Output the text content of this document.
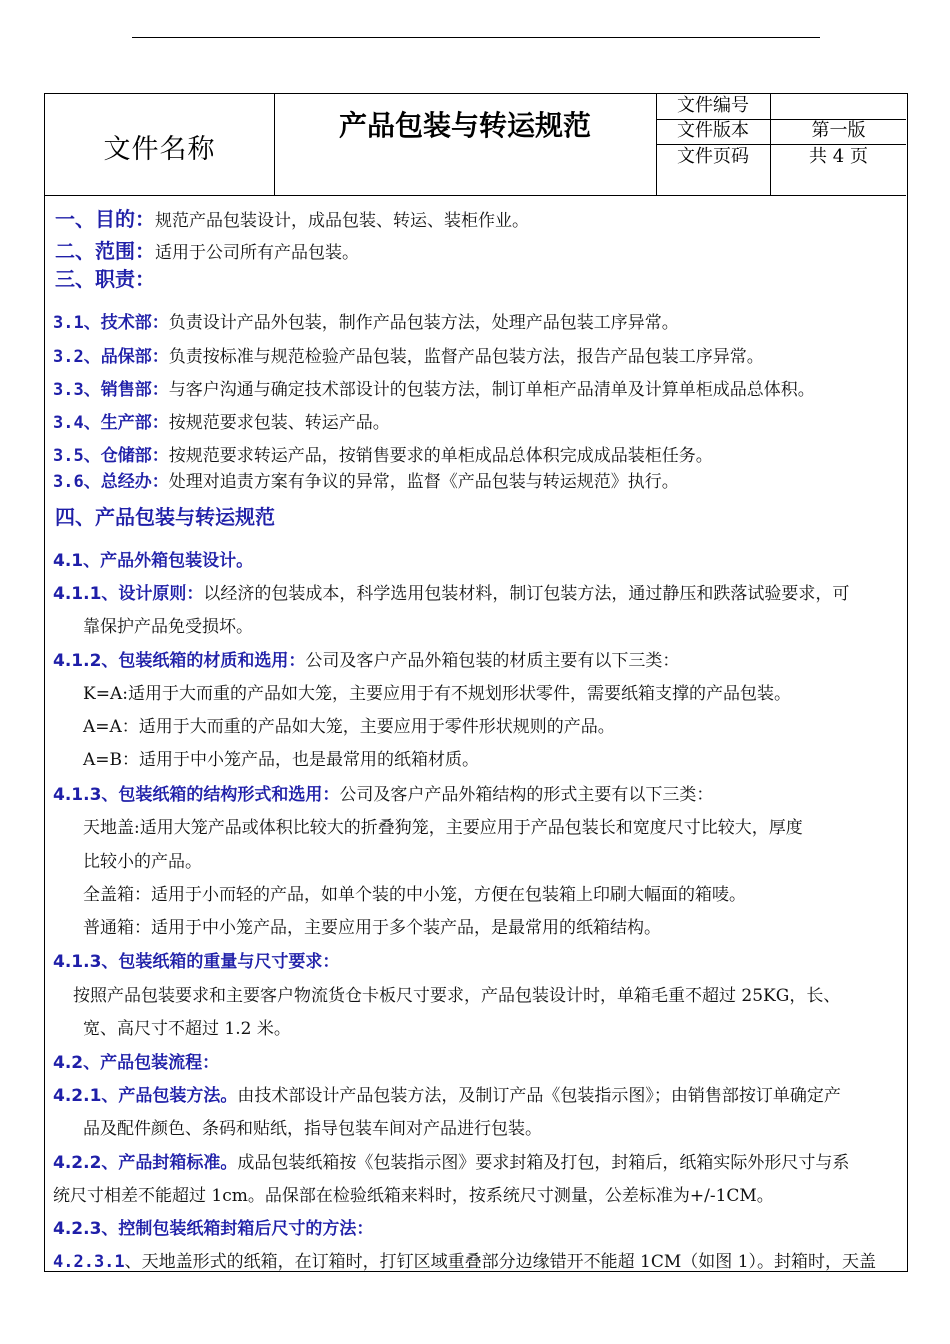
文件名称
产品包装与转运规范
文件编号
文件版本	第一版
文件页码	共 4 页
一、目的：规范产品包装设计，成品包装、转运、装柜作业。
二、范围：适用于公司所有产品包装。
三、职责：
3.1、技术部：负责设计产品外包装，制作产品包装方法，处理产品包装工序异常。
3.2、品保部：负责按标准与规范检验产品包装，监督产品包装方法，报告产品包装工序异常。
3.3、销售部：与客户沟通与确定技术部设计的包装方法，制订单柜产品清单及计算单柜成品总体积。
3.4、生产部：按规范要求包装、转运产品。
3.5、仓储部：按规范要求转运产品，按销售要求的单柜成品总体积完成成品装柜任务。
3.6、总经办：处理对追责方案有争议的异常，监督《产品包装与转运规范》执行。
四、产品包装与转运规范
4.1、产品外箱包装设计。
4.1.1、设计原则：以经济的包装成本，科学选用包装材料，制订包装方法，通过静压和跌落试验要求，可
靠保护产品免受损坏。
4.1.2、包装纸箱的材质和选用：公司及客户产品外箱包装的材质主要有以下三类：
K=A:适用于大而重的产品如大笼，主要应用于有不规划形状零件，需要纸箱支撑的产品包装。
A=A：适用于大而重的产品如大笼，主要应用于零件形状规则的产品。
A=B：适用于中小笼产品，也是最常用的纸箱材质。
4.1.3、包装纸箱的结构形式和选用：公司及客户产品外箱结构的形式主要有以下三类：
天地盖:适用大笼产品或体积比较大的折叠狗笼，主要应用于产品包装长和宽度尺寸比较大，厚度
比较小的产品。
全盖箱：适用于小而轻的产品，如单个装的中小笼，方便在包装箱上印刷大幅面的箱唛。
普通箱：适用于中小笼产品，主要应用于多个装产品，是最常用的纸箱结构。
4.1.3、包装纸箱的重量与尺寸要求：
按照产品包装要求和主要客户物流货仓卡板尺寸要求，产品包装设计时，单箱毛重不超过 25KG，长、
宽、高尺寸不超过 1.2 米。
4.2、产品包装流程：
4.2.1、产品包装方法。由技术部设计产品包装方法，及制订产品《包装指示图》；由销售部按订单确定产
品及配件颜色、条码和贴纸，指导包装车间对产品进行包装。
4.2.2、产品封箱标准。成品包装纸箱按《包装指示图》要求封箱及打包，封箱后，纸箱实际外形尺寸与系
统尺寸相差不能超过 1cm。品保部在检验纸箱来料时，按系统尺寸测量，公差标准为+/-1CM。
4.2.3、控制包装纸箱封箱后尺寸的方法：
4.2.3.1、天地盖形式的纸箱，在订箱时，打钉区域重叠部分边缘错开不能超 1CM（如图 1）。封箱时，天盖
